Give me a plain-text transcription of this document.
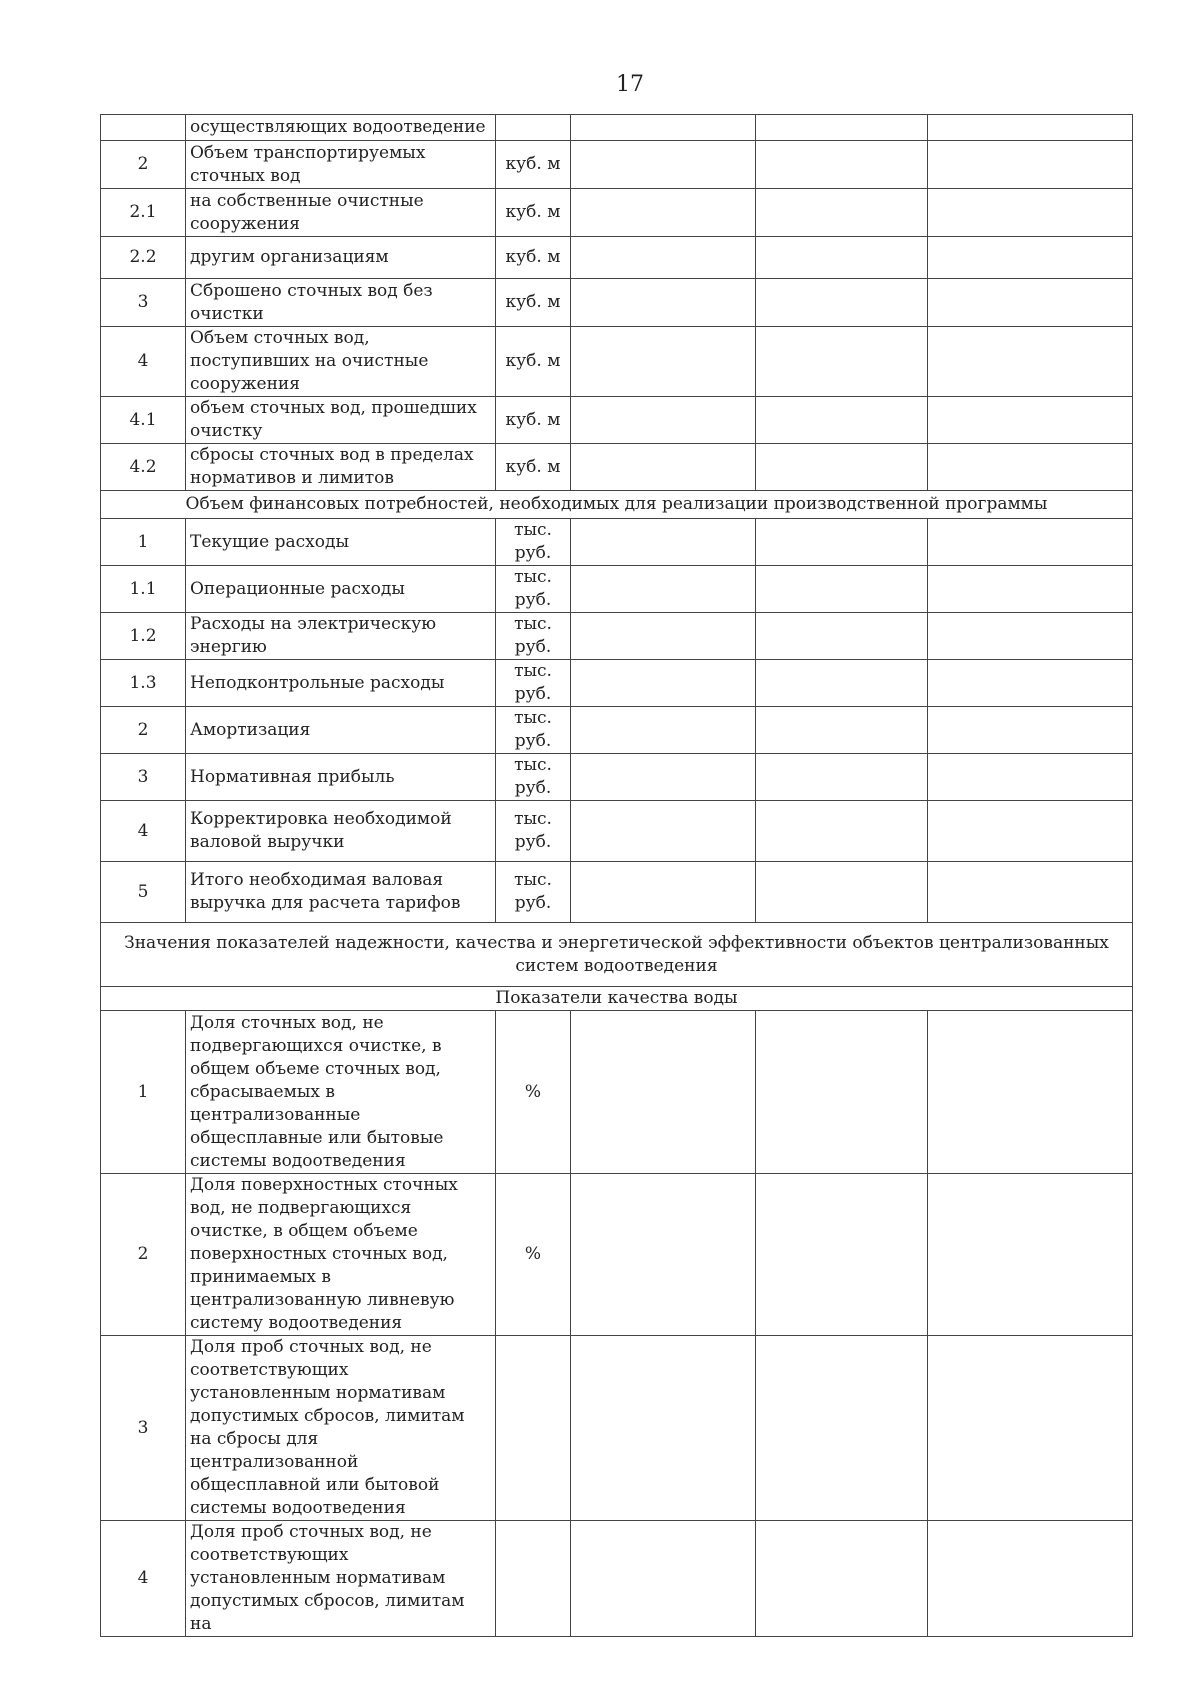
17
	осуществляющих водоотведение				
2	Объем транспортируемых сточных вод	куб. м			
2.1	на собственные очистные сооружения	куб. м			
2.2	другим организациям	куб. м			
3	Сброшено сточных вод без очистки	куб. м			
4	Объем сточных вод, поступивших на очистные сооружения	куб. м			
4.1	объем сточных вод, прошедших очистку	куб. м			
4.2	сбросы сточных вод в пределах нормативов и лимитов	куб. м			
Объем финансовых потребностей, необходимых для реализации производственной программы					
1	Текущие расходы	тыс. руб.			
1.1	Операционные расходы	тыс. руб.			
1.2	Расходы на электрическую энергию	тыс. руб.			
1.3	Неподконтрольные расходы	тыс. руб.			
2	Амортизация	тыс. руб.			
3	Нормативная прибыль	тыс. руб.			
4	Корректировка необходимой валовой выручки	тыс. руб.			
5	Итого необходимая валовая выручка для расчета тарифов	тыс. руб.			
Значения показателей надежности, качества и энергетической эффективности объектов централизованных систем водоотведения					
Показатели качества воды					
1	Доля сточных вод, не подвергающихся очистке, в общем объеме сточных вод, сбрасываемых в централизованные общесплавные или бытовые системы водоотведения	%			
2	Доля поверхностных сточных вод, не подвергающихся очистке, в общем объеме поверхностных сточных вод, принимаемых в централизованную ливневую систему водоотведения	%			
3	Доля проб сточных вод, не соответствующих установленным нормативам допустимых сбросов, лимитам на сбросы для централизованной общесплавной или бытовой системы водоотведения				
4	Доля проб сточных вод, не соответствующих установленным нормативам допустимых сбросов, лимитам на				
